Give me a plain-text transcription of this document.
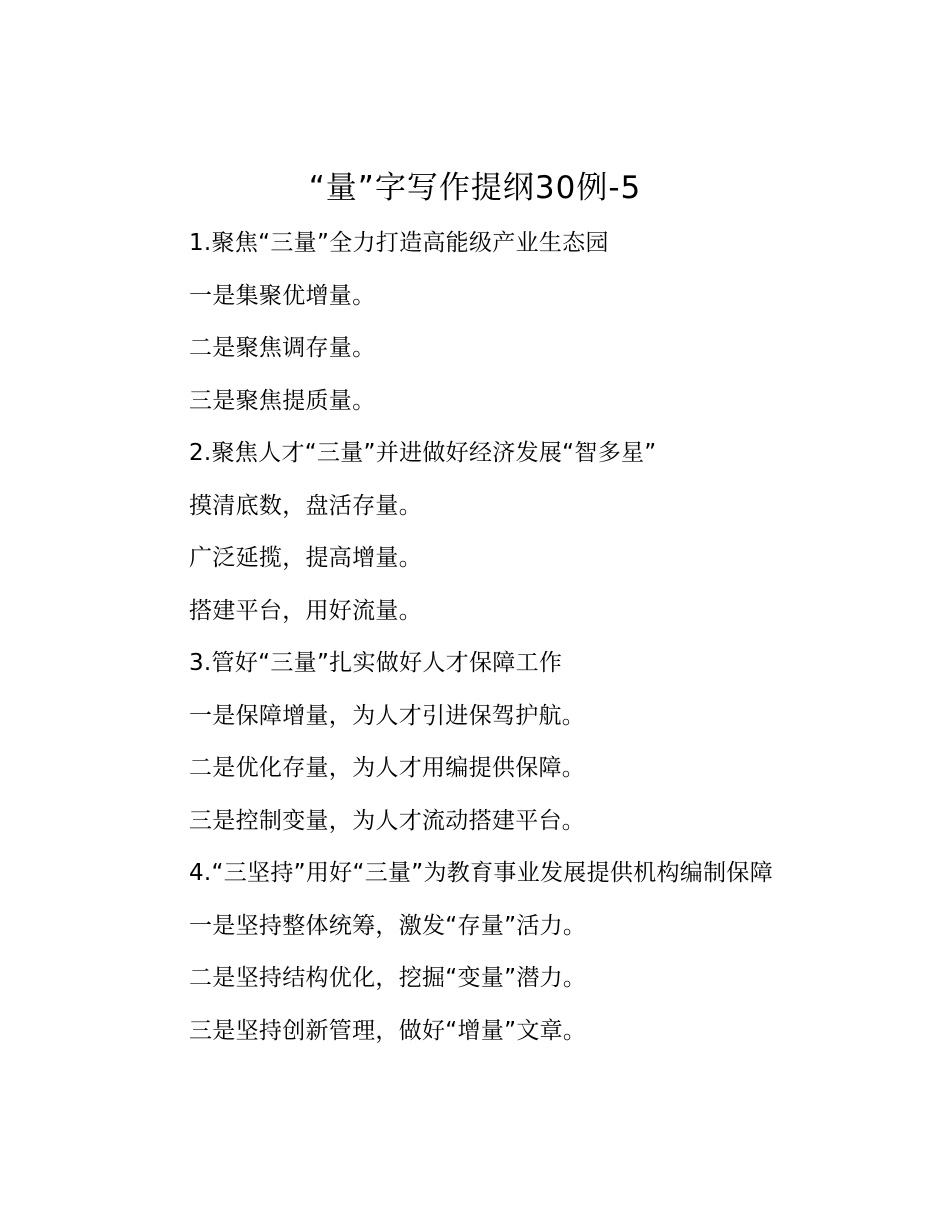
“量”字写作提纲30例-5

1.聚焦“三量”全力打造高能级产业生态园

一是集聚优增量。

二是聚焦调存量。

三是聚焦提质量。

2.聚焦人才“三量”并进做好经济发展“智多星”

摸清底数，盘活存量。

广泛延揽，提高增量。

搭建平台，用好流量。

3.管好“三量”扎实做好人才保障工作

一是保障增量，为人才引进保驾护航。

二是优化存量，为人才用编提供保障。

三是控制变量，为人才流动搭建平台。

4.“三坚持”用好“三量”为教育事业发展提供机构编制保障

一是坚持整体统筹，激发“存量”活力。

二是坚持结构优化，挖掘“变量”潜力。

三是坚持创新管理，做好“增量”文章。
